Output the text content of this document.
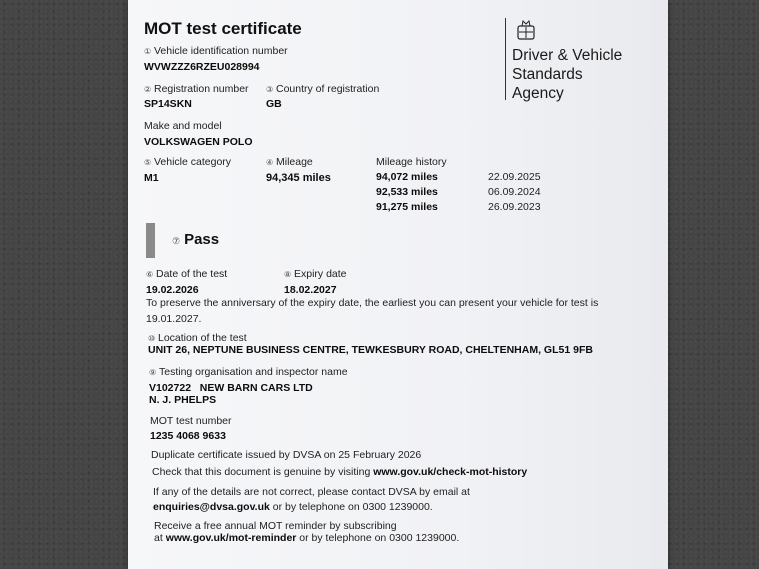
MOT test certificate
Driver & Vehicle
Standards
Agency
① Vehicle identification number
WVWZZZ6RZEU028994
② Registration number
SP14SKN
③ Country of registration
GB
Make and model
VOLKSWAGEN POLO
⑤ Vehicle category
M1
④ Mileage
94,345 miles
Mileage history
94,072 miles	22.09.2025
92,533 miles	06.09.2024
91,275 miles	26.09.2023
⑦ Pass
⑥ Date of the test
19.02.2026
⑧ Expiry date
18.02.2027
To preserve the anniversary of the expiry date, the earliest you can present your vehicle for test is
19.01.2027.
⑩ Location of the test
UNIT 26, NEPTUNE BUSINESS CENTRE, TEWKESBURY ROAD, CHELTENHAM, GL51 9FB
⑨ Testing organisation and inspector name
V102722   NEW BARN CARS LTD
N. J. PHELPS
MOT test number
1235 4068 9633
Duplicate certificate issued by DVSA on 25 February 2026
Check that this document is genuine by visiting www.gov.uk/check-mot-history
If any of the details are not correct, please contact DVSA by email at
enquiries@dvsa.gov.uk or by telephone on 0300 1239000.
Receive a free annual MOT reminder by subscribing
at www.gov.uk/mot-reminder or by telephone on 0300 1239000.
